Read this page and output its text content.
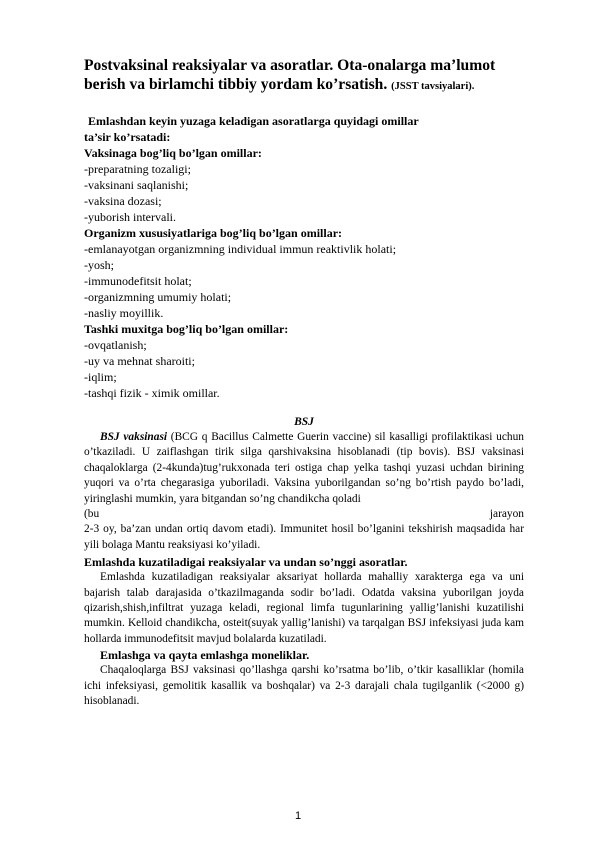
Postvaksinal reaksiyalar va asoratlar. Ota-onalarga ma’lumot
berish va birlamchi tibbiy yordam ko’rsatish. (JSST tavsiyalari).
Emlashdan keyin yuzaga keladigan asoratlarga quyidagi omillar
ta’sir ko’rsatadi:
Vaksinaga bog’liq bo’lgan omillar:
-preparatning tozaligi;
-vaksinani saqlanishi;
-vaksina dozasi;
-yuborish intervali.
Organizm xususiyatlariga bog’liq bo’lgan omillar:
-emlanayotgan organizmning individual immun reaktivlik holati;
-yosh;
-immunodefitsit holat;
-organizmning umumiy holati;
-nasliy moyillik.
Tashki muxitga bog’liq bo’lgan omillar:
-ovqatlanish;
-uy va mehnat sharoiti;
-iqlim;
-tashqi fizik - ximik omillar.
BSJ
BSJ vaksinasi (BCG q Bacillus Calmette Guerin vaccine) sil kasalligi profilaktikasi uchun o’tkaziladi. U zaiflashgan tirik silga qarshivaksina hisoblanadi (tip bovis). BSJ vaksinasi chaqaloklarga (2-4kunda)tug’rukxonada teri ostiga chap yelka tashqi yuzasi uchdan birining yuqori va o’rta chegarasiga yuboriladi. Vaksina yuborilgandan so’ng bo’rtish paydo bo’ladi, yiringlashi mumkin, yara bitgandan so’ng chandikcha qoladi
(bu	jarayon
2-3 oy, ba’zan undan ortiq davom etadi). Immunitet hosil bo’lganini tekshirish maqsadida har yili bolaga Mantu reaksiyasi ko’yiladi.
Emlashda kuzatiladigai reaksiyalar va undan so’nggi asoratlar.
Emlashda kuzatiladigan reaksiyalar aksariyat hollarda mahalliy xarakterga ega va uni bajarish talab darajasida o’tkazilmaganda sodir bo’ladi. Odatda vaksina yuborilgan joyda qizarish,shish,infiltrat yuzaga keladi, regional limfa tugunlarining yallig’lanishi kuzatilishi mumkin. Kelloid chandikcha, osteit(suyak yallig’lanishi) va tarqalgan BSJ infeksiyasi juda kam hollarda immunodefitsit mavjud bolalarda kuzatiladi.
Emlashga va qayta emlashga moneliklar.
Chaqaloqlarga BSJ vaksinasi qo’llashga qarshi ko’rsatma bo’lib, o’tkir kasalliklar (homila ichi infeksiyasi, gemolitik kasallik va boshqalar) va 2-3 darajali chala tugilganlik (<2000 g) hisoblanadi.
1
